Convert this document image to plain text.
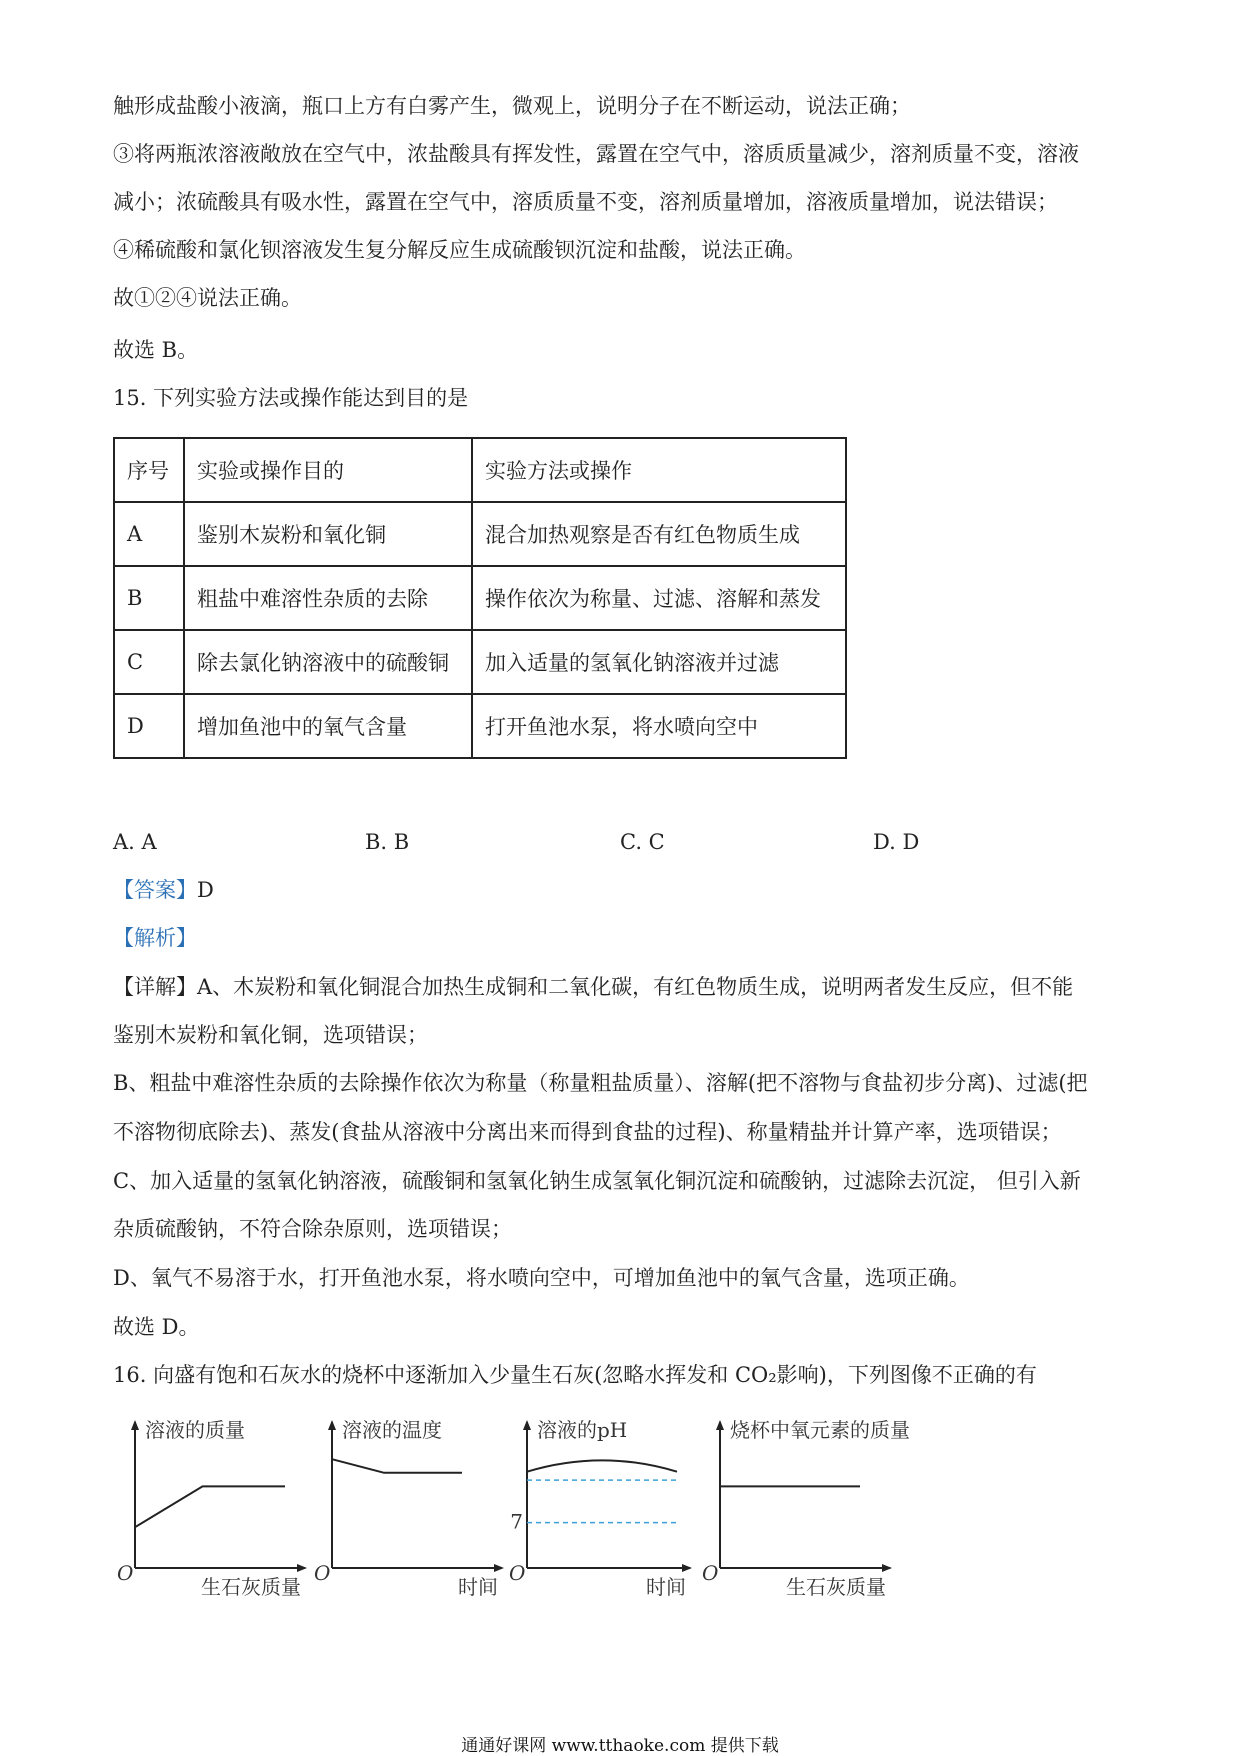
触形成盐酸小液滴，瓶口上方有白雾产生，微观上，说明分子在不断运动，说法正确；
③将两瓶浓溶液敞放在空气中，浓盐酸具有挥发性，露置在空气中，溶质质量减少，溶剂质量不变，溶液
减小；浓硫酸具有吸水性，露置在空气中，溶质质量不变，溶剂质量增加，溶液质量增加，说法错误；
④稀硫酸和氯化钡溶液发生复分解反应生成硫酸钡沉淀和盐酸，说法正确。
故①②④说法正确。
故选 B。
15. 下列实验方法或操作能达到目的是
序号	实验或操作目的	实验方法或操作
A	鉴别木炭粉和氧化铜	混合加热观察是否有红色物质生成
B	粗盐中难溶性杂质的去除	操作依次为称量、过滤、溶解和蒸发
C	除去氯化钠溶液中的硫酸铜	加入适量的氢氧化钠溶液并过滤
D	增加鱼池中的氧气含量	打开鱼池水泵，将水喷向空中
A. A	B. B	C. C	D. D
【答案】D
【解析】
【详解】A、木炭粉和氧化铜混合加热生成铜和二氧化碳，有红色物质生成，说明两者发生反应，但不能
鉴别木炭粉和氧化铜，选项错误；
B、粗盐中难溶性杂质的去除操作依次为称量（称量粗盐质量）、溶解(把不溶物与食盐初步分离)、过滤(把
不溶物彻底除去)、蒸发(食盐从溶液中分离出来而得到食盐的过程)、称量精盐并计算产率，选项错误；
C、加入适量的氢氧化钠溶液，硫酸铜和氢氧化钠生成氢氧化铜沉淀和硫酸钠，过滤除去沉淀， 但引入新
杂质硫酸钠，不符合除杂原则，选项错误；
D、氧气不易溶于水，打开鱼池水泵，将水喷向空中，可增加鱼池中的氧气含量，选项正确。
故选 D。
16. 向盛有饱和石灰水的烧杯中逐渐加入少量生石灰(忽略水挥发和 CO₂影响)，下列图像不正确的有
溶液的质量
生石灰质量
O
溶液的温度
时间
O
溶液的pH
时间
O
7
烧杯中氧元素的质量
生石灰质量
O
通通好课网 www.tthaoke.com 提供下载
